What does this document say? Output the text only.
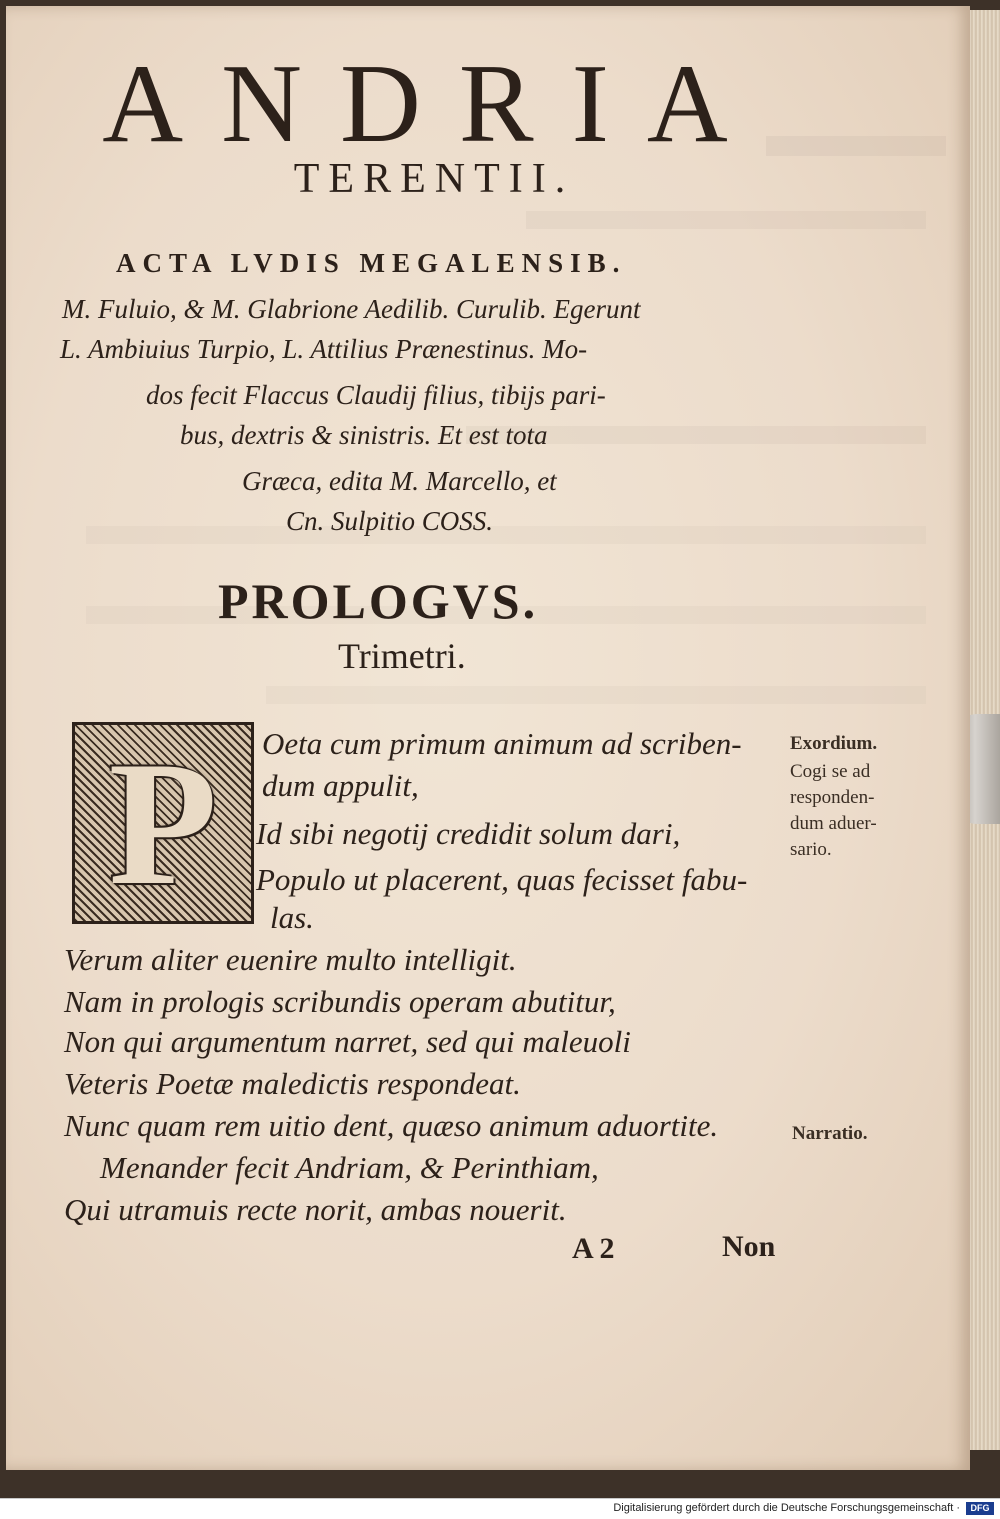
ANDRIA
TERENTII.
ACTA LVDIS MEGALENSIB.
M. Fuluio, & M. Glabrione Aedilib. Curulib. Egerunt
L. Ambiuius Turpio, L. Attilius Prænestinus. Mo-
dos fecit Flaccus Claudij filius, tibijs pari-
bus, dextris & sinistris. Et est tota
Græca, edita M. Marcello, et
Cn. Sulpitio COSS.
PROLOGVS.
Trimetri.
P	Oeta cum primum animum ad scriben-
dum appulit,
Id sibi negotij credidit solum dari,
Populo ut placerent, quas fecisset fabu-
las.
Verum aliter euenire multo intelligit.
Nam in prologis scribundis operam abutitur,
Non qui argumentum narret, sed qui maleuoli
Veteris Poetæ maledictis respondeat.
Nunc quam rem uitio dent, quæso animum aduortite.
Menander fecit Andriam, & Perinthiam,
Qui utramuis recte norit, ambas nouerit.
Exordium.
Cogi se ad
responden-
dum aduer-
sario.
Narratio.
A 2	Non
Digitalisierung gefördert durch die Deutsche Forschungsgemeinschaft ·	DFG
